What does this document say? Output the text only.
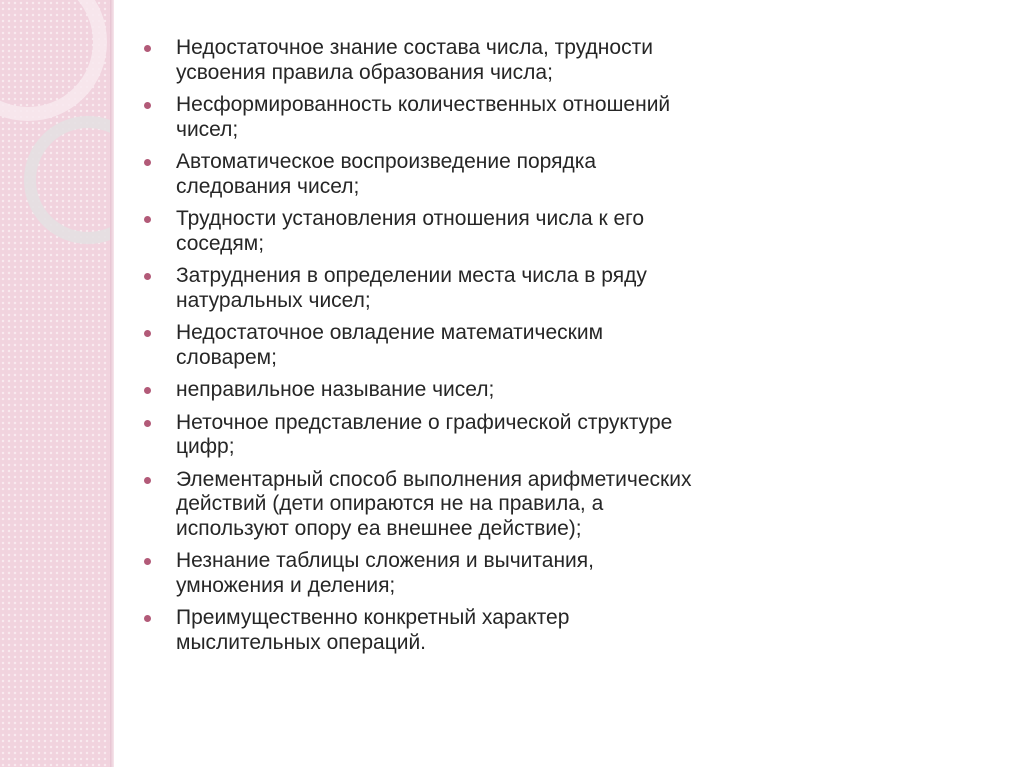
Недостаточное знание состава числа, трудности усвоения правила образования числа;
Несформированность количественных отношений чисел;
Автоматическое воспроизведение порядка следования чисел;
Трудности установления отношения числа к его соседям;
Затруднения в определении места числа в ряду натуральных чисел;
Недостаточное овладение математическим словарем;
неправильное называние чисел;
Неточное представление о графической структуре цифр;
Элементарный способ выполнения арифметических действий (дети опираются не на правила, а используют опору еа внешнее действие);
Незнание таблицы сложения и вычитания, умножения и деления;
Преимущественно конкретный характер мыслительных операций.
